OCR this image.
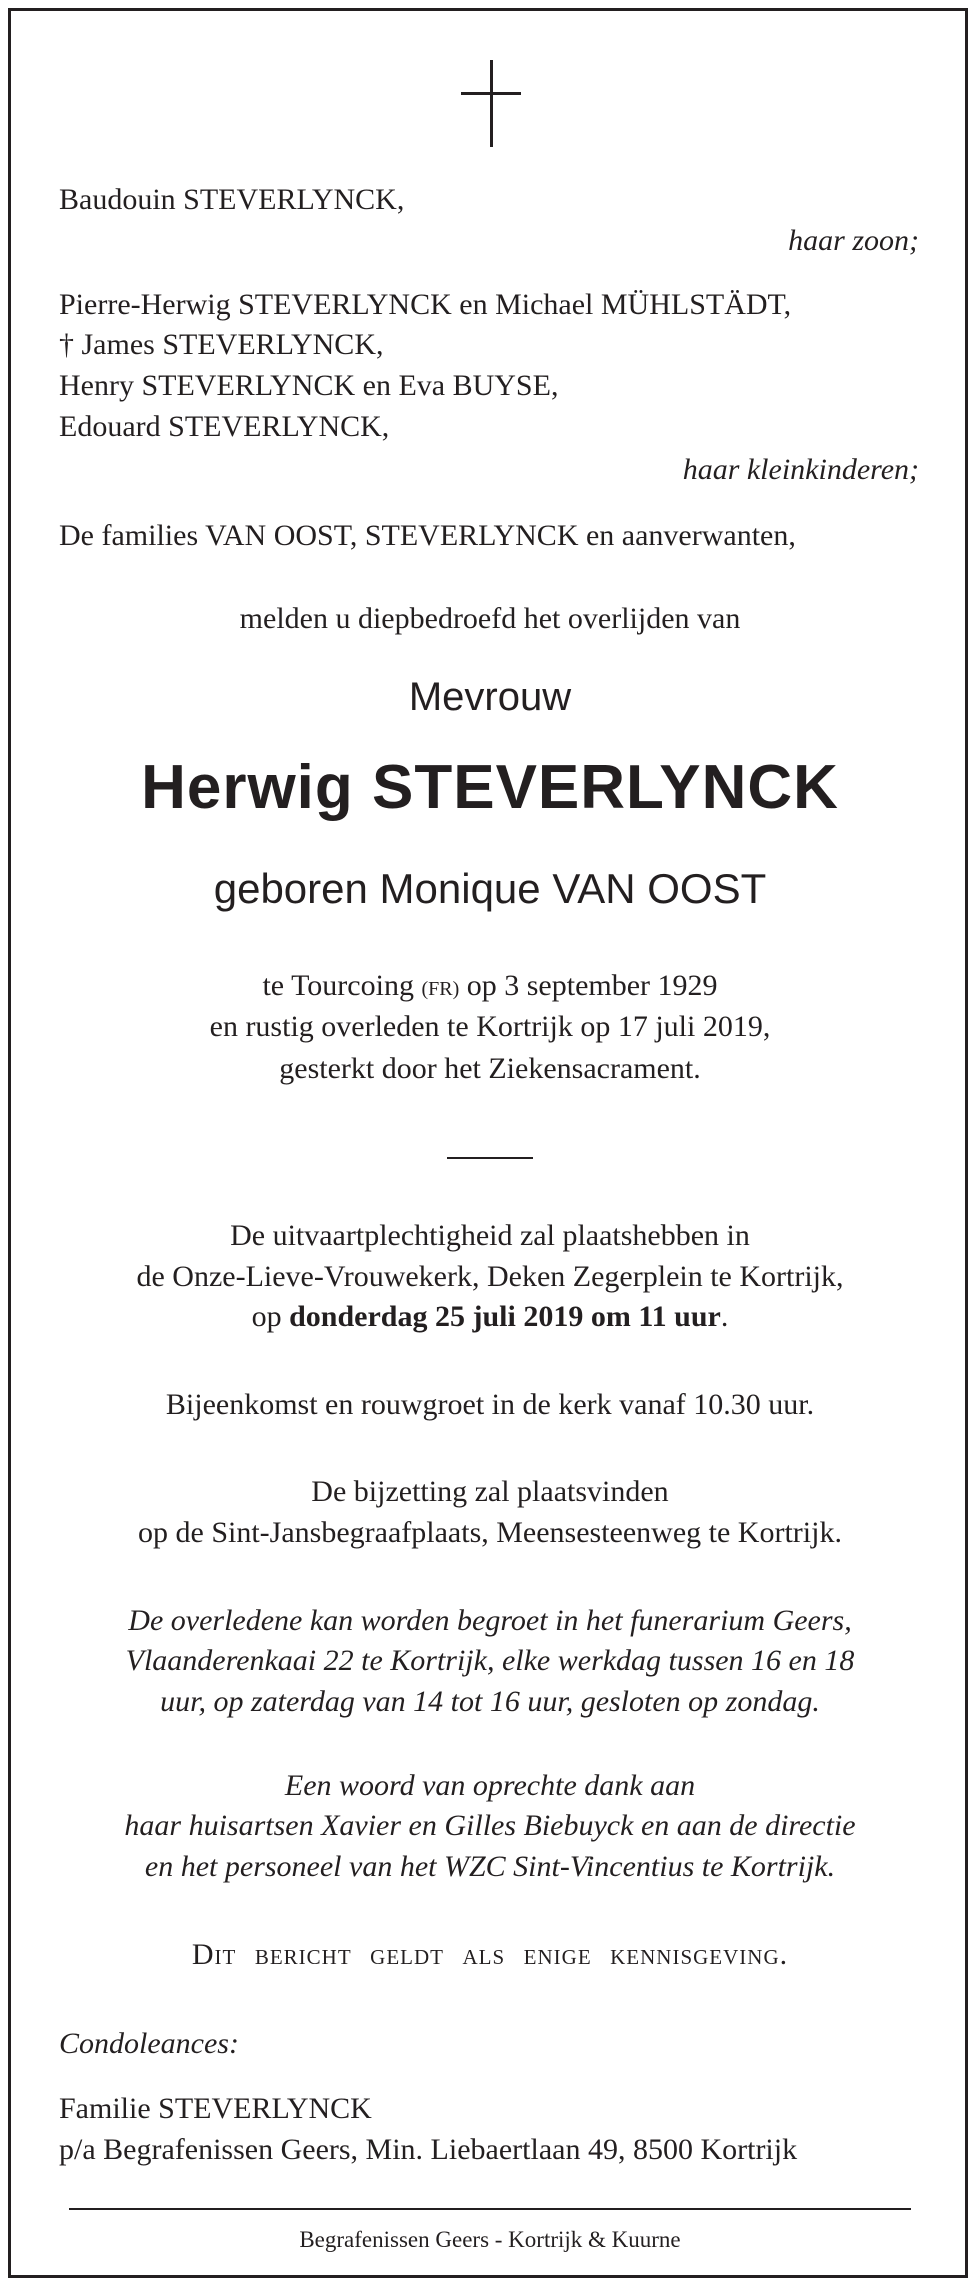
Baudouin STEVERLYNCK,
haar zoon;
Pierre-Herwig STEVERLYNCK en Michael MÜHLSTÄDT,
† James STEVERLYNCK,
Henry STEVERLYNCK en Eva BUYSE,
Edouard STEVERLYNCK,
haar kleinkinderen;
De families VAN OOST, STEVERLYNCK en aanverwanten,
melden u diepbedroefd het overlijden van
Mevrouw
Herwig STEVERLYNCK
geboren Monique VAN OOST
te Tourcoing (FR) op 3 september 1929
en rustig overleden te Kortrijk op 17 juli 2019,
gesterkt door het Ziekensacrament.
De uitvaartplechtigheid zal plaatshebben in
de Onze-Lieve-Vrouwekerk, Deken Zegerplein te Kortrijk,
op donderdag 25 juli 2019 om 11 uur.
Bijeenkomst en rouwgroet in de kerk vanaf 10.30 uur.
De bijzetting zal plaatsvinden
op de Sint-Jansbegraafplaats, Meensesteenweg te Kortrijk.
De overledene kan worden begroet in het funerarium Geers,
Vlaanderenkaai 22 te Kortrijk, elke werkdag tussen 16 en 18
uur, op zaterdag van 14 tot 16 uur, gesloten op zondag.
Een woord van oprechte dank aan
haar huisartsen Xavier en Gilles Biebuyck en aan de directie
en het personeel van het WZC Sint-Vincentius te Kortrijk.
Dit bericht geldt als enige kennisgeving.
Condoleances:
Familie STEVERLYNCK
p/a Begrafenissen Geers, Min. Liebaertlaan 49, 8500 Kortrijk
Begrafenissen Geers - Kortrijk & Kuurne
